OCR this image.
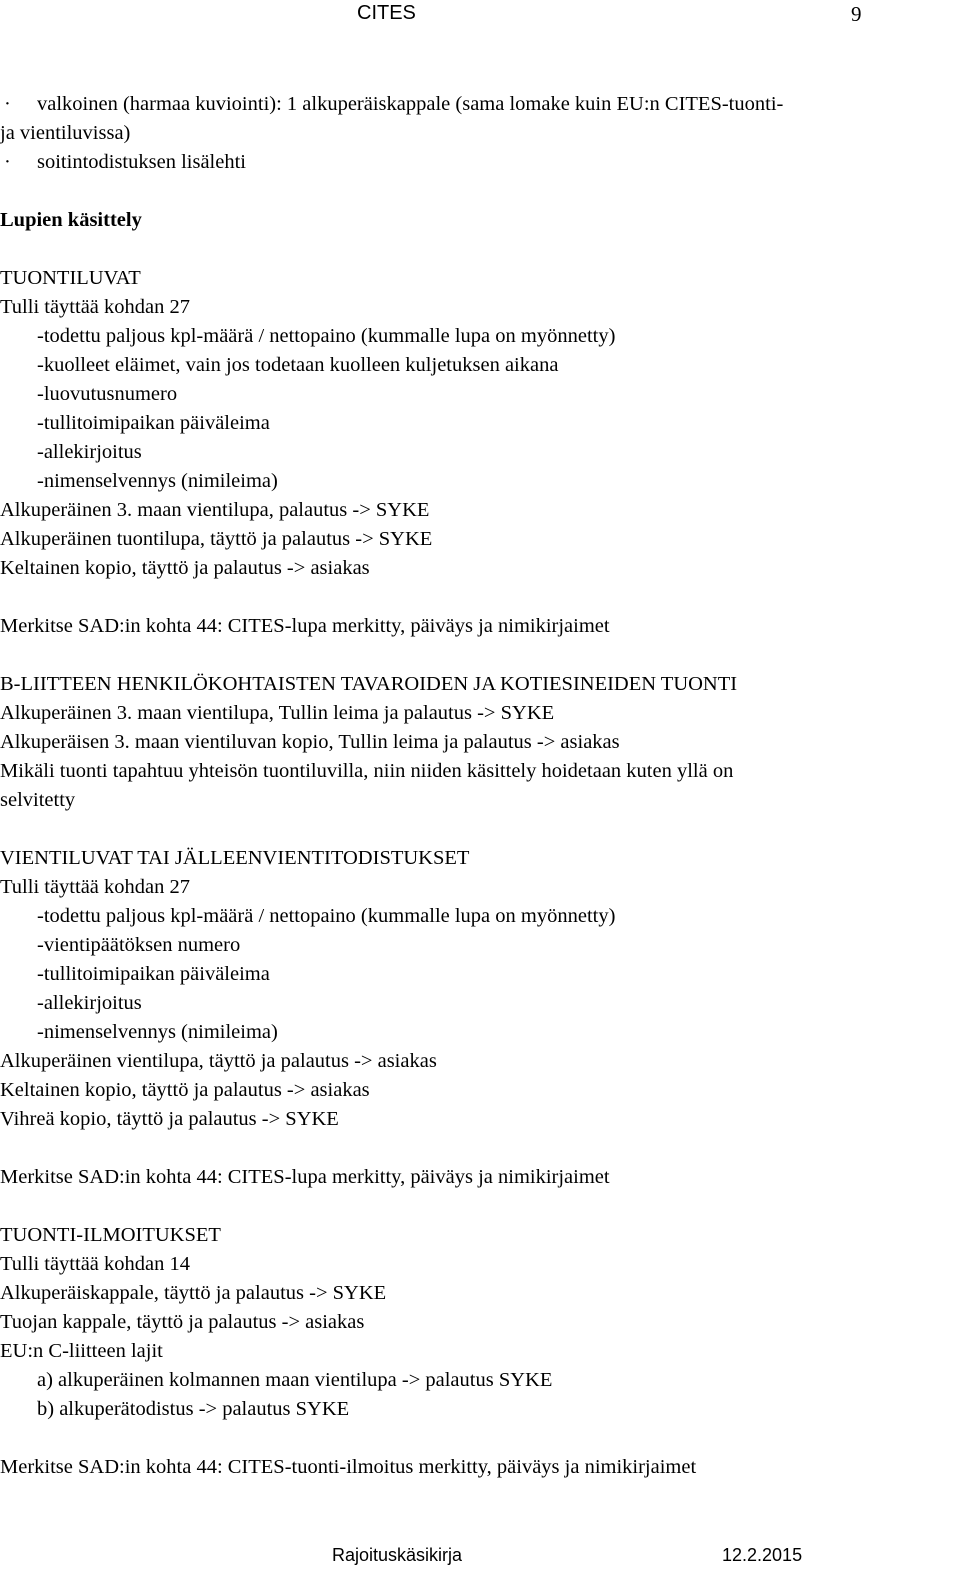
CITES	9
· valkoinen (harmaa kuviointi): 1 alkuperäiskappale (sama lomake kuin EU:n CITES-tuonti-
ja vientiluvissa)
· soitintodistuksen lisälehti
Lupien käsittely
TUONTILUVAT
Tulli täyttää kohdan 27
-todettu paljous kpl-määrä / nettopaino (kummalle lupa on myönnetty)
-kuolleet eläimet, vain jos todetaan kuolleen kuljetuksen aikana
-luovutusnumero
-tullitoimipaikan päiväleima
-allekirjoitus
-nimenselvennys (nimileima)
Alkuperäinen 3. maan vientilupa, palautus -> SYKE
Alkuperäinen tuontilupa, täyttö ja palautus -> SYKE
Keltainen kopio, täyttö ja palautus -> asiakas
Merkitse SAD:in kohta 44: CITES-lupa merkitty, päiväys ja nimikirjaimet
B-LIITTEEN HENKILÖKOHTAISTEN TAVAROIDEN JA KOTIESINEIDEN TUONTI
Alkuperäinen 3. maan vientilupa, Tullin leima ja palautus -> SYKE
Alkuperäisen 3. maan vientiluvan kopio, Tullin leima ja palautus -> asiakas
Mikäli tuonti tapahtuu yhteisön tuontiluvilla, niin niiden käsittely hoidetaan kuten yllä on
selvitetty
VIENTILUVAT TAI JÄLLEENVIENTITODISTUKSET
Tulli täyttää kohdan 27
-todettu paljous kpl-määrä / nettopaino (kummalle lupa on myönnetty)
-vientipäätöksen numero
-tullitoimipaikan päiväleima
-allekirjoitus
-nimenselvennys (nimileima)
Alkuperäinen vientilupa, täyttö ja palautus -> asiakas
Keltainen kopio, täyttö ja palautus -> asiakas
Vihreä kopio, täyttö ja palautus -> SYKE
Merkitse SAD:in kohta 44: CITES-lupa merkitty, päiväys ja nimikirjaimet
TUONTI-ILMOITUKSET
Tulli täyttää kohdan 14
Alkuperäiskappale, täyttö ja palautus -> SYKE
Tuojan kappale, täyttö ja palautus -> asiakas
EU:n C-liitteen lajit
a) alkuperäinen kolmannen maan vientilupa -> palautus SYKE
b) alkuperätodistus -> palautus SYKE
Merkitse SAD:in kohta 44: CITES-tuonti-ilmoitus merkitty, päiväys ja nimikirjaimet
Rajoituskäsikirja	12.2.2015
